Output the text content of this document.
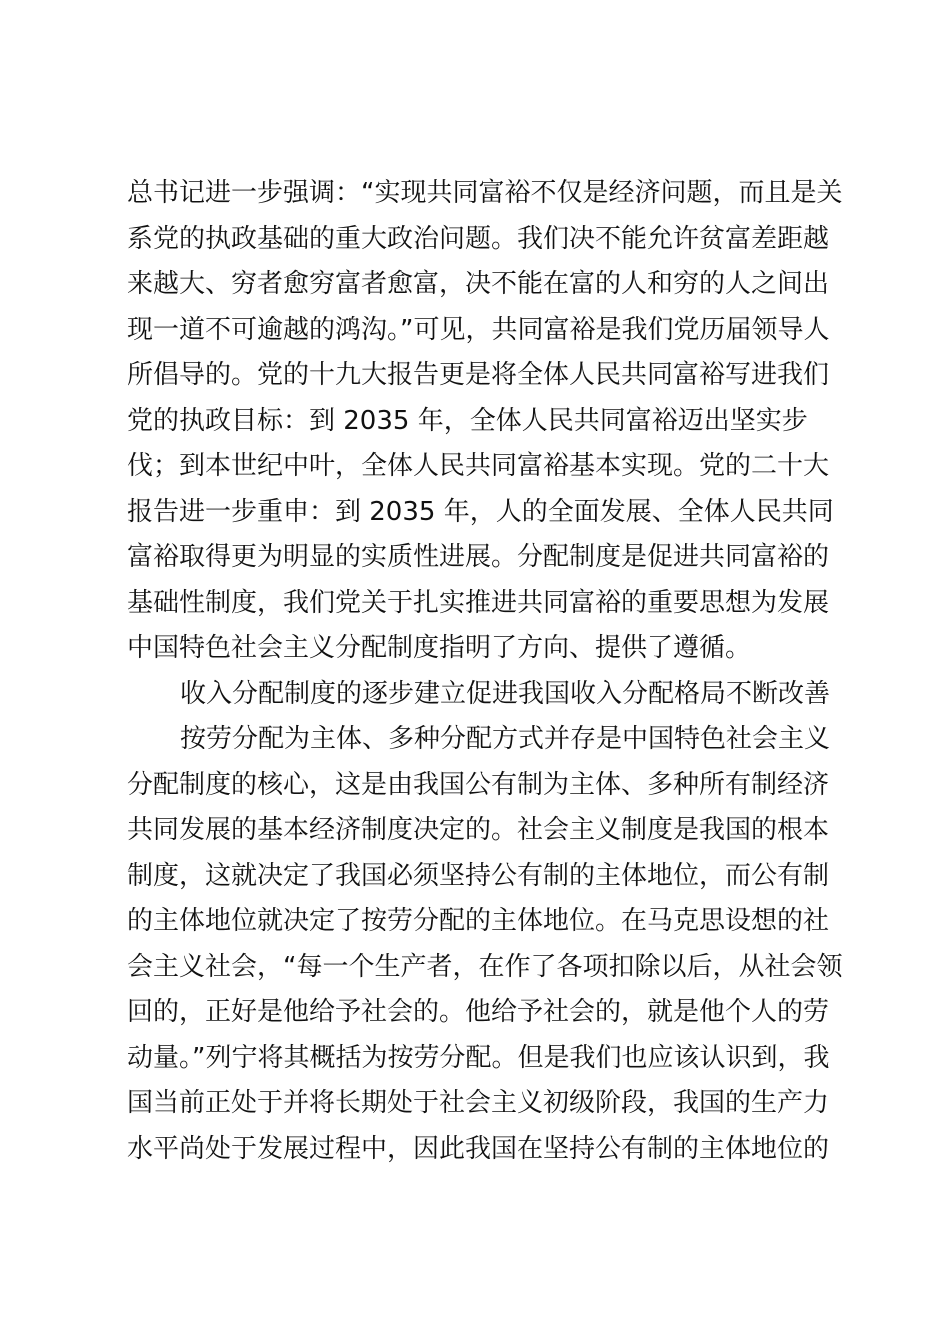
总书记进一步强调：“实现共同富裕不仅是经济问题，而且是关
系党的执政基础的重大政治问题。我们决不能允许贫富差距越
来越大、穷者愈穷富者愈富，决不能在富的人和穷的人之间出
现一道不可逾越的鸿沟。”可见，共同富裕是我们党历届领导人
所倡导的。党的十九大报告更是将全体人民共同富裕写进我们
党的执政目标：到 2035 年，全体人民共同富裕迈出坚实步
伐；到本世纪中叶，全体人民共同富裕基本实现。党的二十大
报告进一步重申：到 2035 年，人的全面发展、全体人民共同
富裕取得更为明显的实质性进展。分配制度是促进共同富裕的
基础性制度，我们党关于扎实推进共同富裕的重要思想为发展
中国特色社会主义分配制度指明了方向、提供了遵循。
收入分配制度的逐步建立促进我国收入分配格局不断改善
按劳分配为主体、多种分配方式并存是中国特色社会主义
分配制度的核心，这是由我国公有制为主体、多种所有制经济
共同发展的基本经济制度决定的。社会主义制度是我国的根本
制度，这就决定了我国必须坚持公有制的主体地位，而公有制
的主体地位就决定了按劳分配的主体地位。在马克思设想的社
会主义社会，“每一个生产者，在作了各项扣除以后，从社会领
回的，正好是他给予社会的。他给予社会的，就是他个人的劳
动量。”列宁将其概括为按劳分配。但是我们也应该认识到，我
国当前正处于并将长期处于社会主义初级阶段，我国的生产力
水平尚处于发展过程中，因此我国在坚持公有制的主体地位的
